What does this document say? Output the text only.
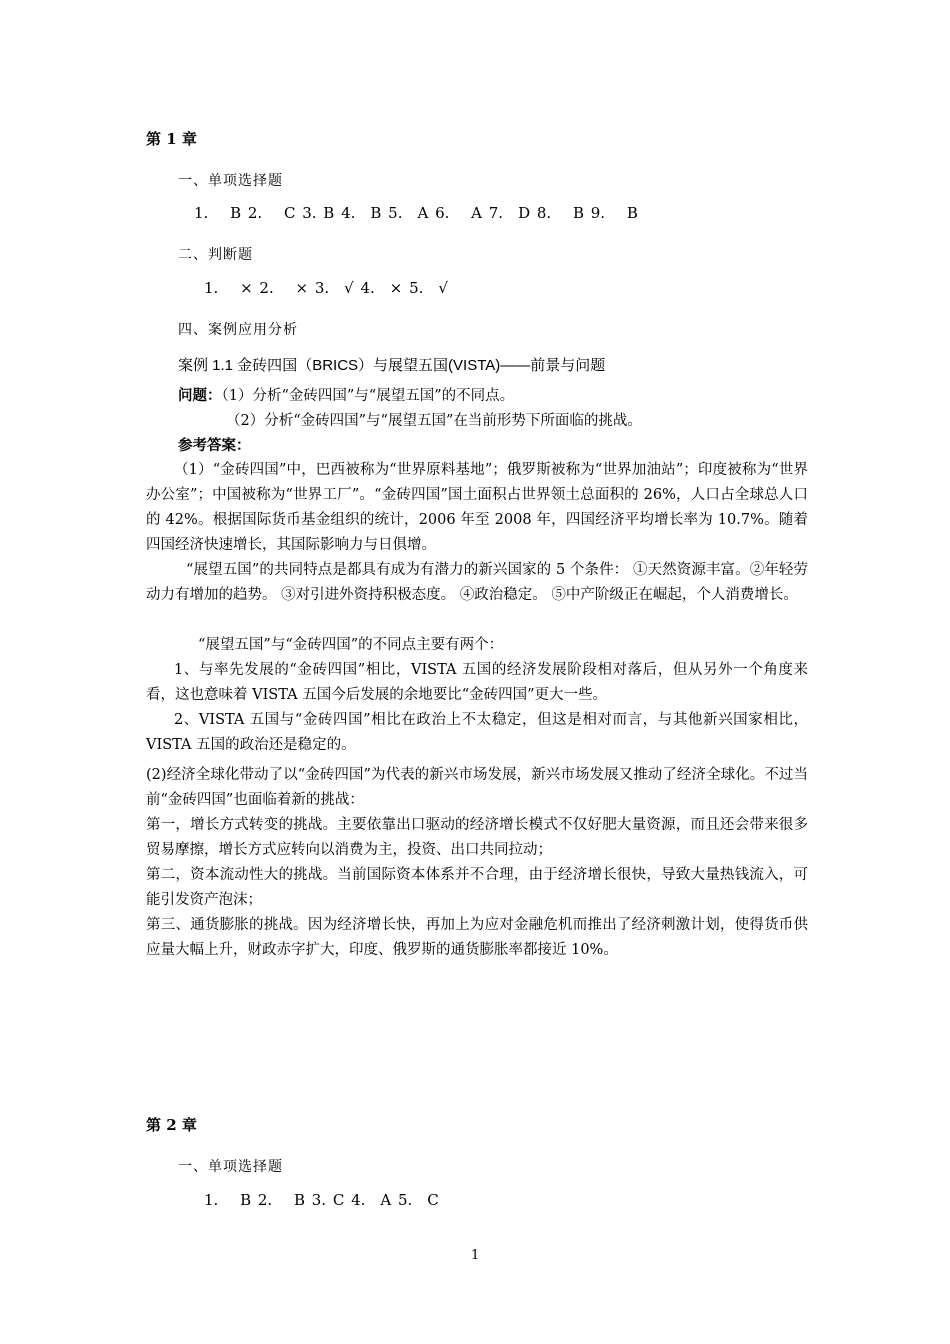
第 1 章
一、单项选择题
1.　 B 2.　 C 3. B 4.　B 5.　A 6.　 A 7.　D 8.　 B 9.　 B
二、判断题
1.　 × 2.　 × 3.　√ 4.　× 5.　√
四、案例应用分析
案例 1.1 金砖四国（BRICS）与展望五国(VISTA)——前景与问题
问题：（1）分析“金砖四国”与“展望五国”的不同点。
（2）分析“金砖四国”与“展望五国”在当前形势下所面临的挑战。
参考答案：
（1）“金砖四国”中，巴西被称为“世界原料基地”；俄罗斯被称为“世界加油站”；印度被称为“世界办公室”；中国被称为“世界工厂”。“金砖四国”国土面积占世界领土总面积的 26%，人口占全球总人口的 42%。根据国际货币基金组织的统计，2006 年至 2008 年，四国经济平均增长率为 10.7%。随着四国经济快速增长，其国际影响力与日俱增。
“展望五国”的共同特点是都具有成为有潜力的新兴国家的 5 个条件： ①天然资源丰富。②年轻劳动力有增加的趋势。 ③对引进外资持积极态度。 ④政治稳定。 ⑤中产阶级正在崛起，个人消费增长。
“展望五国”与“金砖四国”的不同点主要有两个：
1、与率先发展的“金砖四国”相比，VISTA 五国的经济发展阶段相对落后，但从另外一个角度来看，这也意味着 VISTA 五国今后发展的余地要比“金砖四国”更大一些。
2、VISTA 五国与“金砖四国”相比在政治上不太稳定，但这是相对而言，与其他新兴国家相比，VISTA 五国的政治还是稳定的。
(2)经济全球化带动了以“金砖四国”为代表的新兴市场发展，新兴市场发展又推动了经济全球化。不过当前“金砖四国”也面临着新的挑战：
第一，增长方式转变的挑战。主要依靠出口驱动的经济增长模式不仅好肥大量资源，而且还会带来很多贸易摩擦，增长方式应转向以消费为主，投资、出口共同拉动；
第二，资本流动性大的挑战。当前国际资本体系并不合理，由于经济增长很快，导致大量热钱流入，可能引发资产泡沫；
第三、通货膨胀的挑战。因为经济增长快，再加上为应对金融危机而推出了经济刺激计划，使得货币供应量大幅上升，财政赤字扩大，印度、俄罗斯的通货膨胀率都接近 10%。
第 2 章
一、单项选择题
1.　 B 2.　 B 3. C 4.　A 5.　C
1
